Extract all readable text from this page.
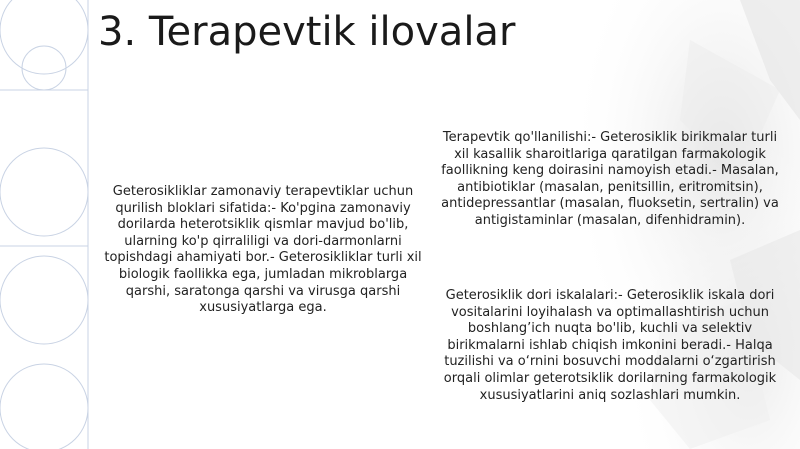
3. Terapevtik ilovalar
Geterosikliklar zamonaviy terapevtiklar uchun qurilish bloklari sifatida:- Ko'pgina zamonaviy dorilarda heterotsiklik qismlar mavjud bo'lib, ularning ko'p qirraliligi va dori-darmonlarni topishdagi ahamiyati bor.- Geterosikliklar turli xil biologik faollikka ega, jumladan mikroblarga qarshi, saratonga qarshi va virusga qarshi xususiyatlarga ega.
Terapevtik qo'llanilishi:- Geterosiklik birikmalar turli xil kasallik sharoitlariga qaratilgan farmakologik faollikning keng doirasini namoyish etadi.- Masalan, antibiotiklar (masalan, penitsillin, eritromitsin), antidepressantlar (masalan, fluoksetin, sertralin) va antigistaminlar (masalan, difenhidramin).
Geterosiklik dori iskalalari:- Geterosiklik iskala dori vositalarini loyihalash va optimallashtirish uchun boshlang’ich nuqta bo'lib, kuchli va selektiv birikmalarni ishlab chiqish imkonini beradi.- Halqa tuzilishi va o‘rnini bosuvchi moddalarni o‘zgartirish orqali olimlar geterotsiklik dorilarning farmakologik xususiyatlarini aniq sozlashlari mumkin.
